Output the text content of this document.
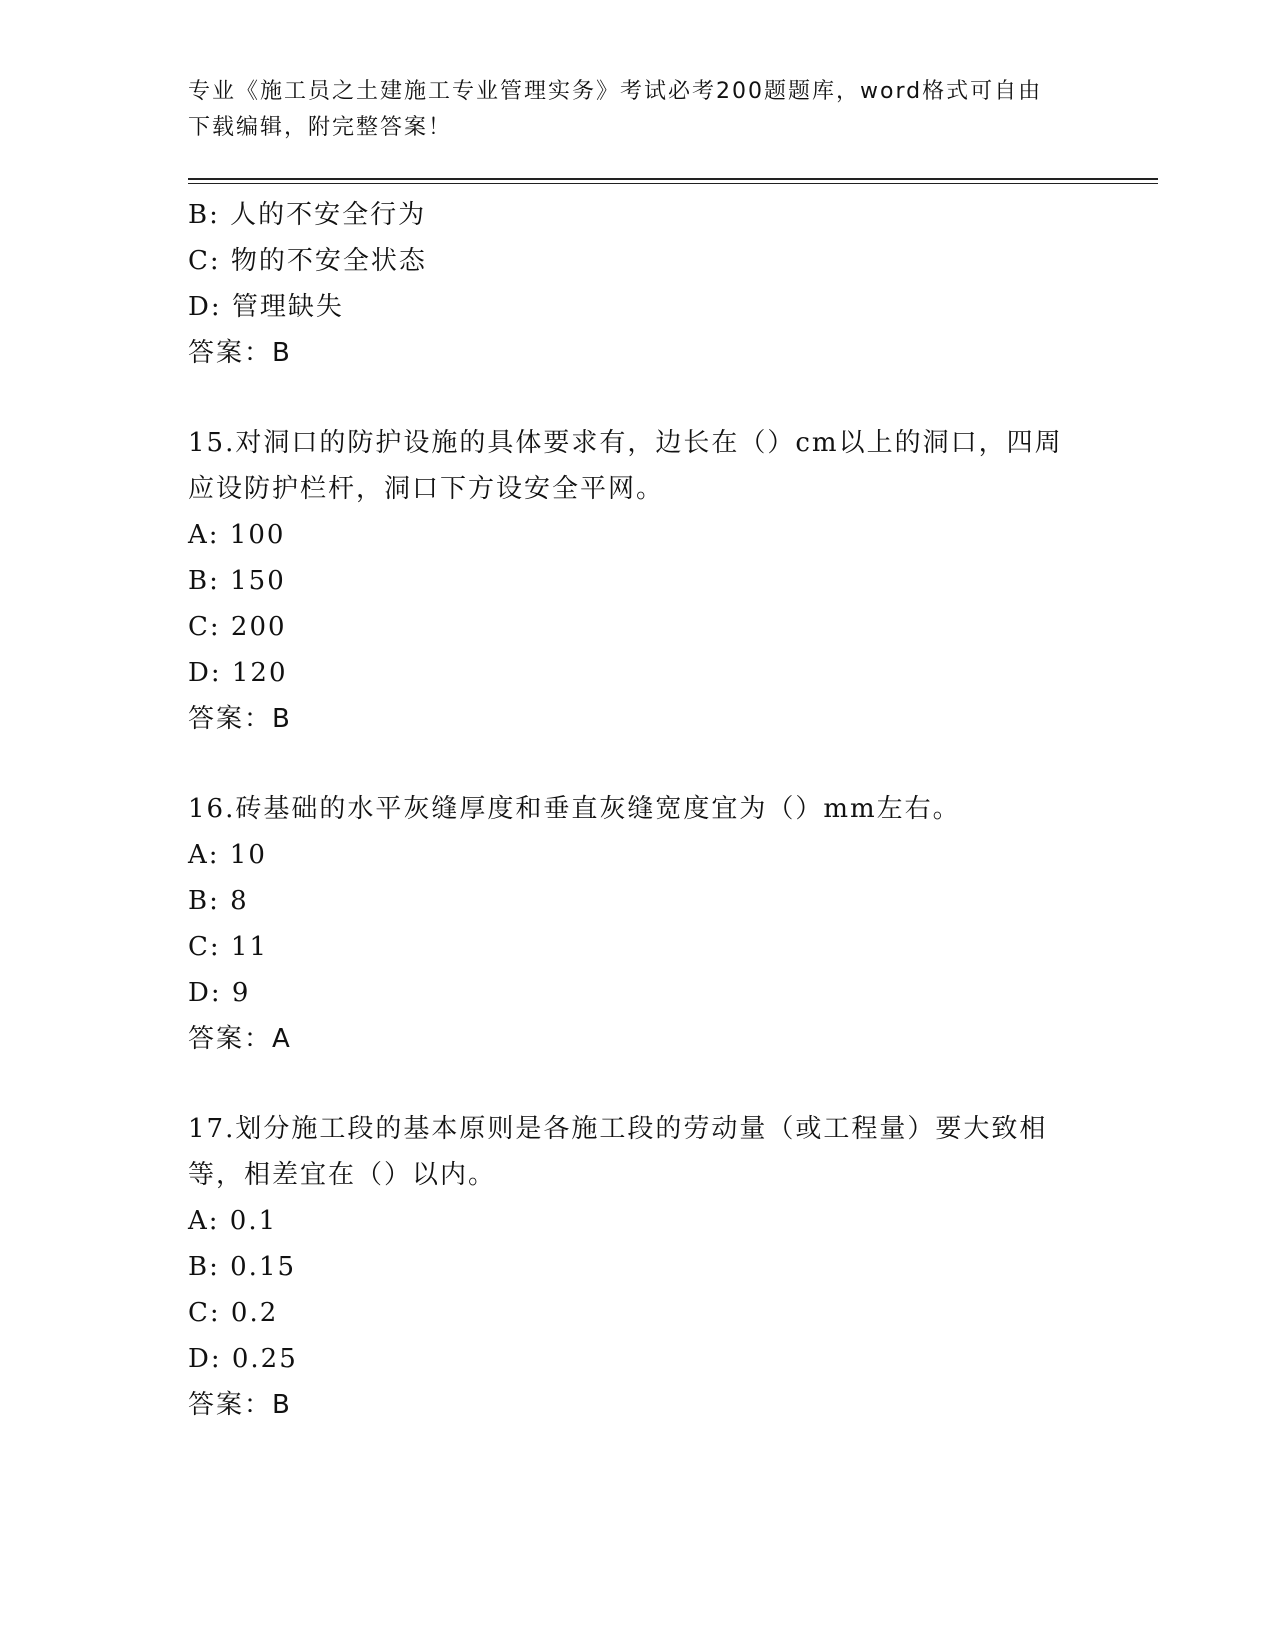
专业《施工员之土建施工专业管理实务》考试必考200题题库，word格式可自由
下载编辑，附完整答案！
B: 人的不安全行为
C: 物的不安全状态
D: 管理缺失
答案：B
15.对洞口的防护设施的具体要求有，边长在（）cm以上的洞口，四周应设防护栏杆，洞口下方设安全平网。
A: 100
B: 150
C: 200
D: 120
答案：B
16.砖基础的水平灰缝厚度和垂直灰缝宽度宜为（）mm左右。
A: 10
B: 8
C: 11
D: 9
答案：A
17.划分施工段的基本原则是各施工段的劳动量（或工程量）要大致相等，相差宜在（）以内。
A: 0.1
B: 0.15
C: 0.2
D: 0.25
答案：B
